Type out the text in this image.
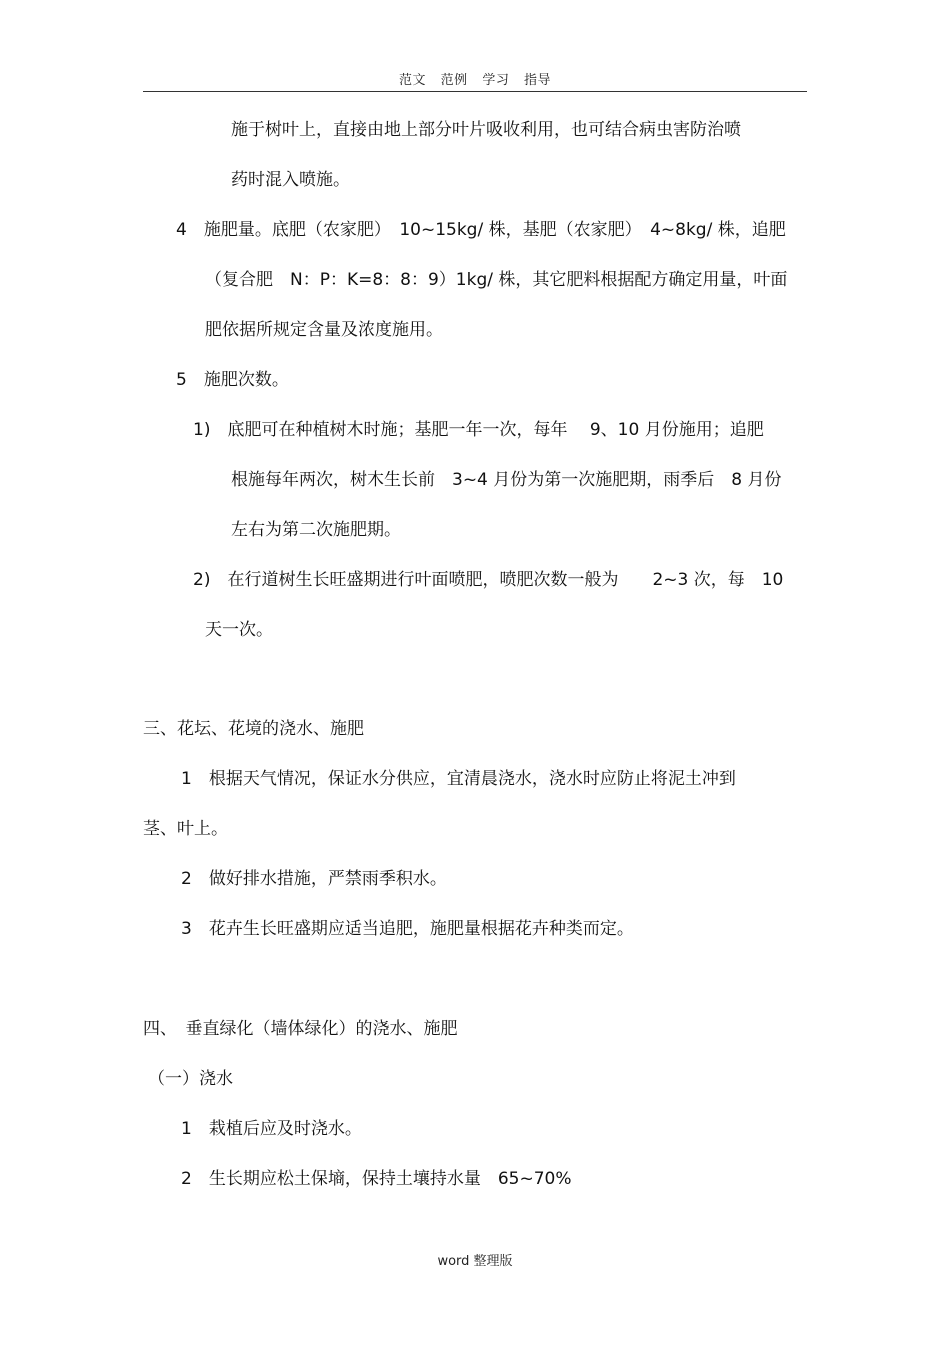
范文 范例 学习 指导
施于树叶上，直接由地上部分叶片吸收利用，也可结合病虫害防治喷
药时混入喷施。
4　施肥量。底肥（农家肥）　10~15kg/ 株，基肥（农家肥）　4~8kg/ 株，追肥
（复合肥　N：P：K=8：8：9）1kg/ 株，其它肥料根据配方确定用量，叶面
肥依据所规定含量及浓度施用。
5　施肥次数。
1)　底肥可在种植树木时施；基肥一年一次，每年　 9、10 月份施用；追肥
根施每年两次，树木生长前　3~4 月份为第一次施肥期，雨季后　8 月份
左右为第二次施肥期。
2)　在行道树生长旺盛期进行叶面喷肥，喷肥次数一般为　　2~3 次，每　10
天一次。
三、花坛、花境的浇水、施肥
1　根据天气情况，保证水分供应，宜清晨浇水，浇水时应防止将泥土冲到
茎、叶上。
2　做好排水措施，严禁雨季积水。
3　花卉生长旺盛期应适当追肥，施肥量根据花卉种类而定。
四、　垂直绿化（墙体绿化）的浇水、施肥
（一）浇水
1　栽植后应及时浇水。
2　生长期应松土保墒，保持土壤持水量　65~70%
word 整理版
